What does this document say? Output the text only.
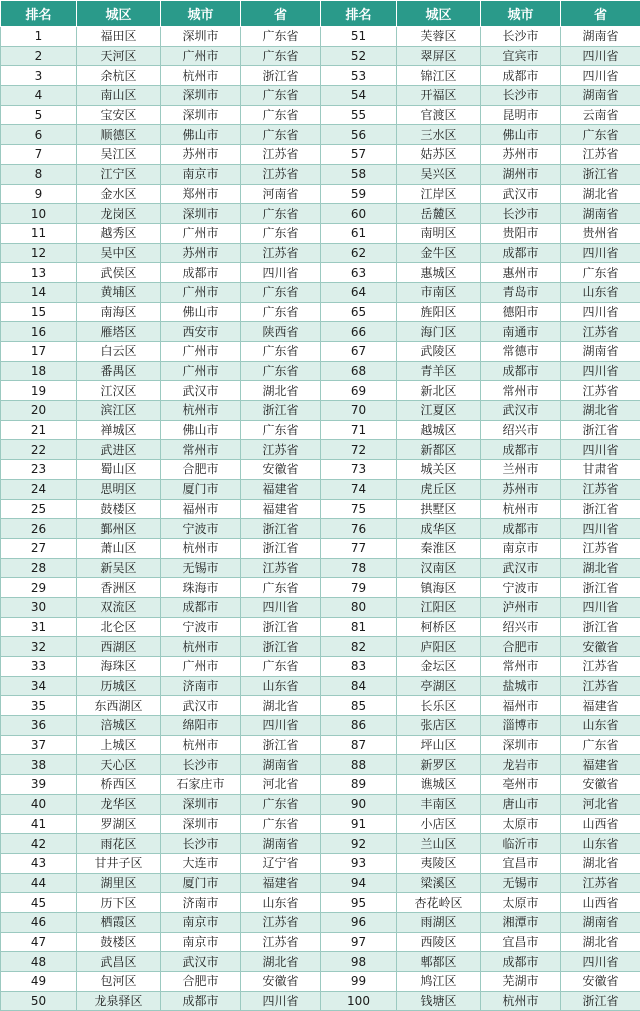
排名	城区	城市	省	排名	城区	城市	省
1	福田区	深圳市	广东省	51	芙蓉区	长沙市	湖南省
2	天河区	广州市	广东省	52	翠屏区	宜宾市	四川省
3	余杭区	杭州市	浙江省	53	锦江区	成都市	四川省
4	南山区	深圳市	广东省	54	开福区	长沙市	湖南省
5	宝安区	深圳市	广东省	55	官渡区	昆明市	云南省
6	顺德区	佛山市	广东省	56	三水区	佛山市	广东省
7	吴江区	苏州市	江苏省	57	姑苏区	苏州市	江苏省
8	江宁区	南京市	江苏省	58	吴兴区	湖州市	浙江省
9	金水区	郑州市	河南省	59	江岸区	武汉市	湖北省
10	龙岗区	深圳市	广东省	60	岳麓区	长沙市	湖南省
11	越秀区	广州市	广东省	61	南明区	贵阳市	贵州省
12	吴中区	苏州市	江苏省	62	金牛区	成都市	四川省
13	武侯区	成都市	四川省	63	惠城区	惠州市	广东省
14	黄埔区	广州市	广东省	64	市南区	青岛市	山东省
15	南海区	佛山市	广东省	65	旌阳区	德阳市	四川省
16	雁塔区	西安市	陕西省	66	海门区	南通市	江苏省
17	白云区	广州市	广东省	67	武陵区	常德市	湖南省
18	番禺区	广州市	广东省	68	青羊区	成都市	四川省
19	江汉区	武汉市	湖北省	69	新北区	常州市	江苏省
20	滨江区	杭州市	浙江省	70	江夏区	武汉市	湖北省
21	禅城区	佛山市	广东省	71	越城区	绍兴市	浙江省
22	武进区	常州市	江苏省	72	新都区	成都市	四川省
23	蜀山区	合肥市	安徽省	73	城关区	兰州市	甘肃省
24	思明区	厦门市	福建省	74	虎丘区	苏州市	江苏省
25	鼓楼区	福州市	福建省	75	拱墅区	杭州市	浙江省
26	鄞州区	宁波市	浙江省	76	成华区	成都市	四川省
27	萧山区	杭州市	浙江省	77	秦淮区	南京市	江苏省
28	新吴区	无锡市	江苏省	78	汉南区	武汉市	湖北省
29	香洲区	珠海市	广东省	79	镇海区	宁波市	浙江省
30	双流区	成都市	四川省	80	江阳区	泸州市	四川省
31	北仑区	宁波市	浙江省	81	柯桥区	绍兴市	浙江省
32	西湖区	杭州市	浙江省	82	庐阳区	合肥市	安徽省
33	海珠区	广州市	广东省	83	金坛区	常州市	江苏省
34	历城区	济南市	山东省	84	亭湖区	盐城市	江苏省
35	东西湖区	武汉市	湖北省	85	长乐区	福州市	福建省
36	涪城区	绵阳市	四川省	86	张店区	淄博市	山东省
37	上城区	杭州市	浙江省	87	坪山区	深圳市	广东省
38	天心区	长沙市	湖南省	88	新罗区	龙岩市	福建省
39	桥西区	石家庄市	河北省	89	谯城区	亳州市	安徽省
40	龙华区	深圳市	广东省	90	丰南区	唐山市	河北省
41	罗湖区	深圳市	广东省	91	小店区	太原市	山西省
42	雨花区	长沙市	湖南省	92	兰山区	临沂市	山东省
43	甘井子区	大连市	辽宁省	93	夷陵区	宜昌市	湖北省
44	湖里区	厦门市	福建省	94	梁溪区	无锡市	江苏省
45	历下区	济南市	山东省	95	杏花岭区	太原市	山西省
46	栖霞区	南京市	江苏省	96	雨湖区	湘潭市	湖南省
47	鼓楼区	南京市	江苏省	97	西陵区	宜昌市	湖北省
48	武昌区	武汉市	湖北省	98	郫都区	成都市	四川省
49	包河区	合肥市	安徽省	99	鸠江区	芜湖市	安徽省
50	龙泉驿区	成都市	四川省	100	钱塘区	杭州市	浙江省
